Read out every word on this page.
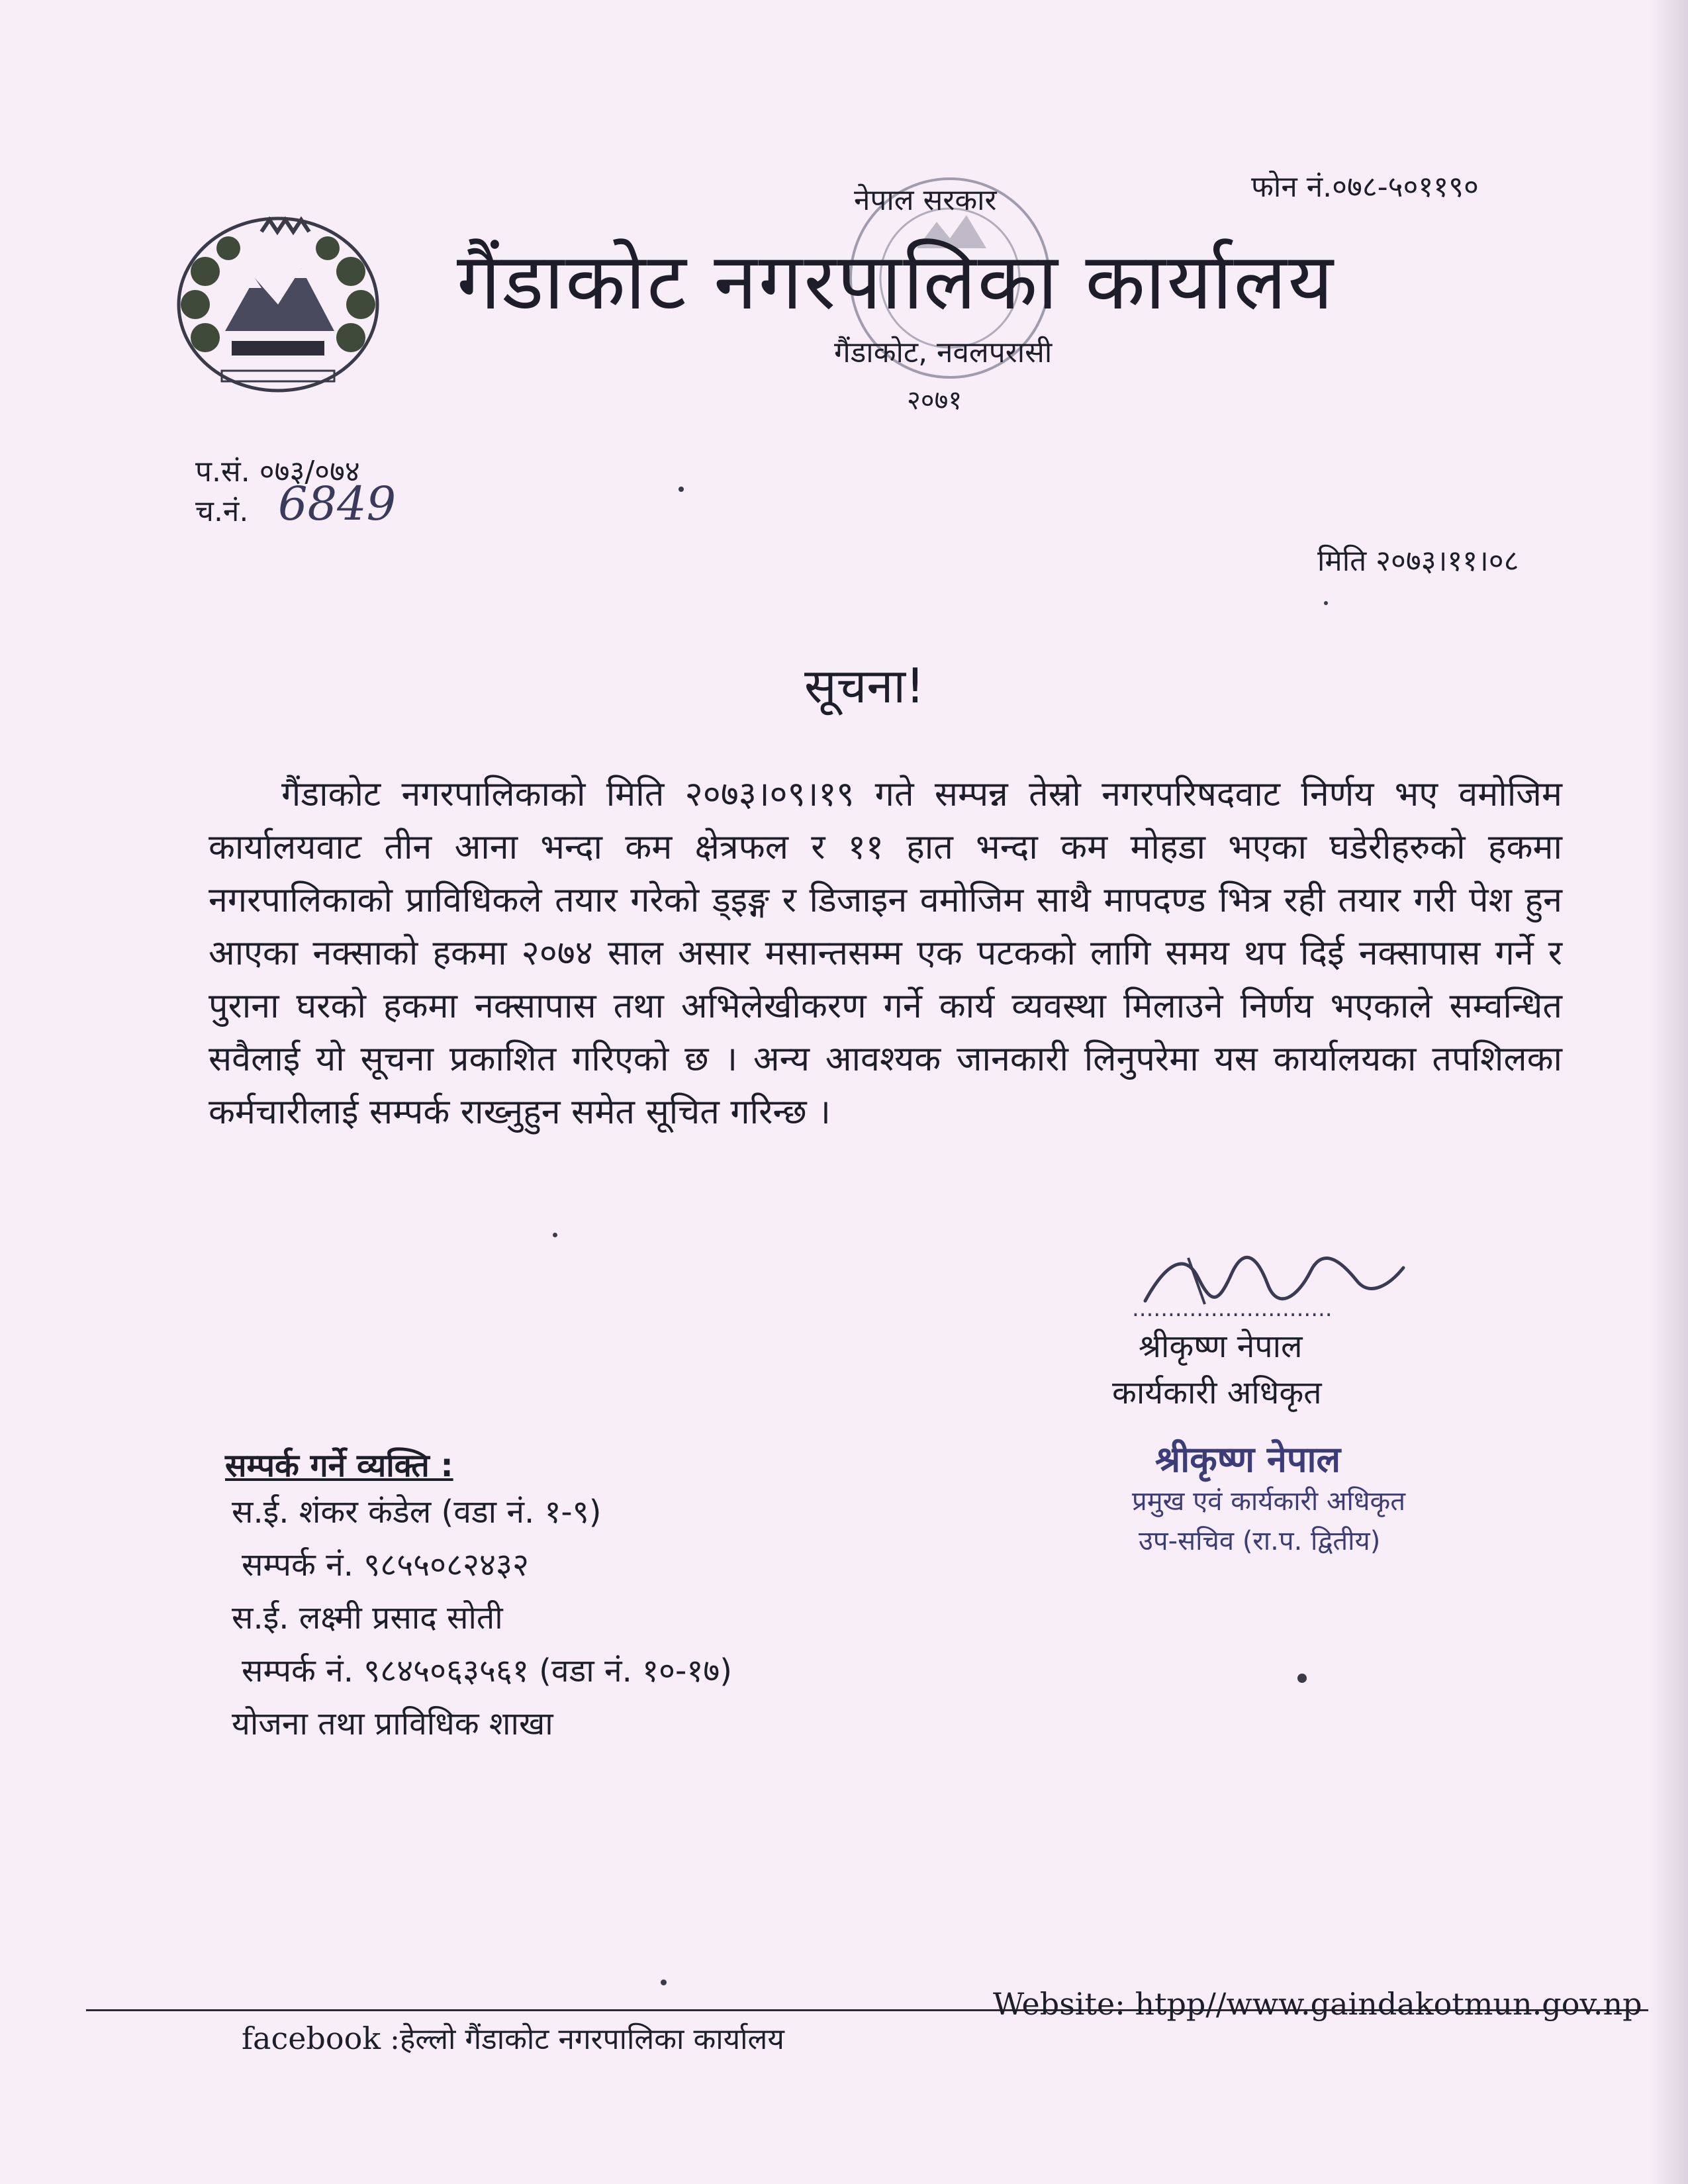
नेपाल सरकार	फोन नं.०७८-५०११९०
गैंडाकोट नगरपालिका कार्यालय
गैंडाकोट, नवलपरासी
२०७१
प.सं. ०७३/०७४
च.नं. 6849
मिति २०७३।११।०८
सूचना!
गैंडाकोट नगरपालिकाको मिति २०७३।०९।१९ गते सम्पन्न तेस्रो नगरपरिषदवाट निर्णय भए वमोजिम कार्यालयवाट तीन आना भन्दा कम क्षेत्रफल र ११ हात भन्दा कम मोहडा भएका घडेरीहरुको हकमा नगरपालिकाको प्राविधिकले तयार गरेको ड्इङ्ग र डिजाइन वमोजिम साथै मापदण्ड भित्र रही तयार गरी पेश हुन आएका नक्साको हकमा २०७४ साल असार मसान्तसम्म एक पटकको लागि समय थप दिई नक्सापास गर्ने र पुराना घरको हकमा नक्सापास तथा अभिलेखीकरण गर्ने कार्य व्यवस्था मिलाउने निर्णय भएकाले सम्वन्धित सवैलाई यो सूचना प्रकाशित गरिएको छ । अन्य आवश्यक जानकारी लिनुपरेमा यस कार्यालयका तपशिलका कर्मचारीलाई सम्पर्क राख्नुहुन समेत सूचित गरिन्छ ।
............................
श्रीकृष्ण नेपाल
कार्यकारी अधिकृत
श्रीकृष्ण नेपाल
प्रमुख एवं कार्यकारी अधिकृत
उप-सचिव (रा.प. द्वितीय)
सम्पर्क गर्ने व्यक्ति :
स.ई. शंकर कंडेल (वडा नं. १-९)
सम्पर्क नं. ९८५५०८२४३२
स.ई. लक्ष्मी प्रसाद सोती
सम्पर्क नं. ९८४५०६३५६१ (वडा नं. १०-१७)
योजना तथा प्राविधिक शाखा
facebook :हेल्लो गैंडाकोट नगरपालिका कार्यालय
Website: htpp//www.gaindakotmun.gov.np
